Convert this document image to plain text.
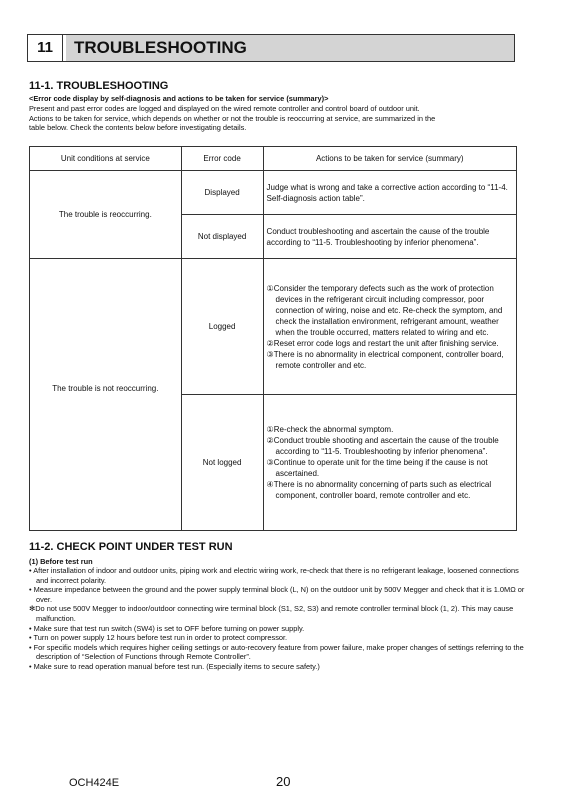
11	TROUBLESHOOTING
11-1. TROUBLESHOOTING
<Error code display by self-diagnosis and actions to be taken for service (summary)>

Present and past error codes are logged and displayed on the wired remote controller and control board of outdoor unit.

Actions to be taken for service, which depends on whether or not the trouble is reoccurring at service, are summarized in the

table below. Check the contents below before investigating details.

Unit conditions at service	Error code	Actions to be taken for service (summary)
The trouble is reoccurring.	Displayed	Judge what is wrong and take a corrective action according to “11-4. Self-diagnosis action table”.
	Not displayed	Conduct troubleshooting and ascertain the cause of the trouble according to “11-5. Troubleshooting by inferior phenomena”.

The trouble is not reoccurring.	Logged	①Consider the temporary defects such as the work of protection devices in the refrigerant circuit including compressor, poor connection of wiring, noise and etc. Re-check the symptom, and check the installation environment, refrigerant amount, weather when the trouble occurred, matters related to wiring and etc.
②Reset error code logs and restart the unit after finishing service.
③There is no abnormality in electrical component, controller board, remote controller and etc.

	Not logged	①Re-check the abnormal symptom.
②Conduct trouble shooting and ascertain the cause of the trouble according to “11-5. Troubleshooting by inferior phenomena”.
③Continue to operate unit for the time being if the cause is not ascertained.
④There is no abnormality concerning of parts such as electrical component, controller board, remote controller and etc.
11-2. CHECK POINT UNDER TEST RUN
(1) Before test run
• After installation of indoor and outdoor units, piping work and electric wiring work, re-check that there is no refrigerant leakage, loosened connections and incorrect polarity.
• Measure impedance between the ground and the power supply terminal block (L, N) on the outdoor unit by 500V Megger and check that it is 1.0MΩ or over.
✻Do not use 500V Megger to indoor/outdoor connecting wire terminal block (S1, S2, S3) and remote controller terminal block (1, 2). This may cause malfunction.
• Make sure that test run switch (SW4) is set to OFF before turning on power supply.
• Turn on power supply 12 hours before test run in order to protect compressor.
• For specific models which requires higher ceiling settings or auto-recovery feature from power failure, make proper changes of settings referring to the description of “Selection of Functions through Remote Controller”.
• Make sure to read operation manual before test run. (Especially items to secure safety.)
OCH424E	20
